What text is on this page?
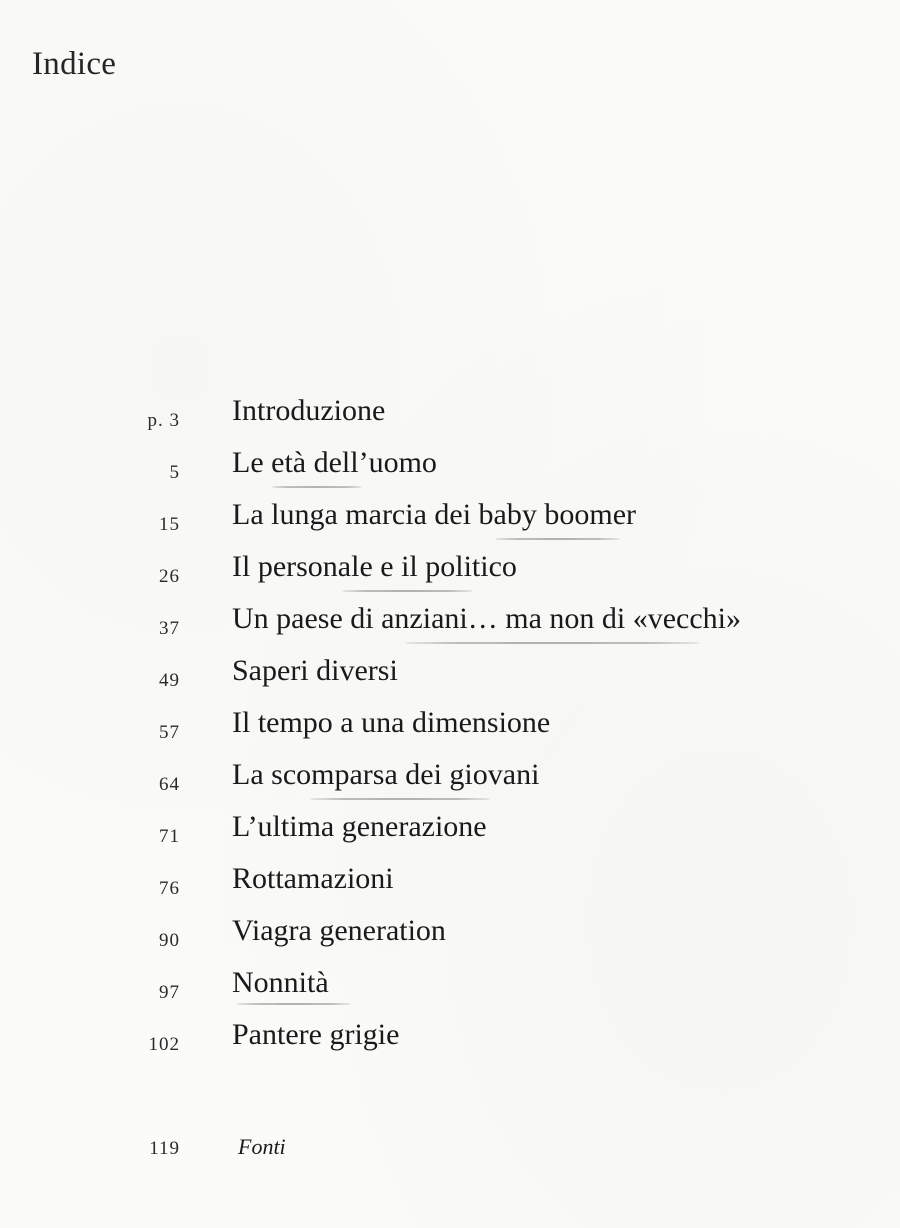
Indice
p. 3 Introduzione
5 Le età dell’uomo
15 La lunga marcia dei baby boomer
26 Il personale e il politico
37 Un paese di anziani… ma non di «vecchi»
49 Saperi diversi
57 Il tempo a una dimensione
64 La scomparsa dei giovani
71 L’ultima generazione
76 Rottamazioni
90 Viagra generation
97 Nonnità
102 Pantere grigie
119	Fonti
